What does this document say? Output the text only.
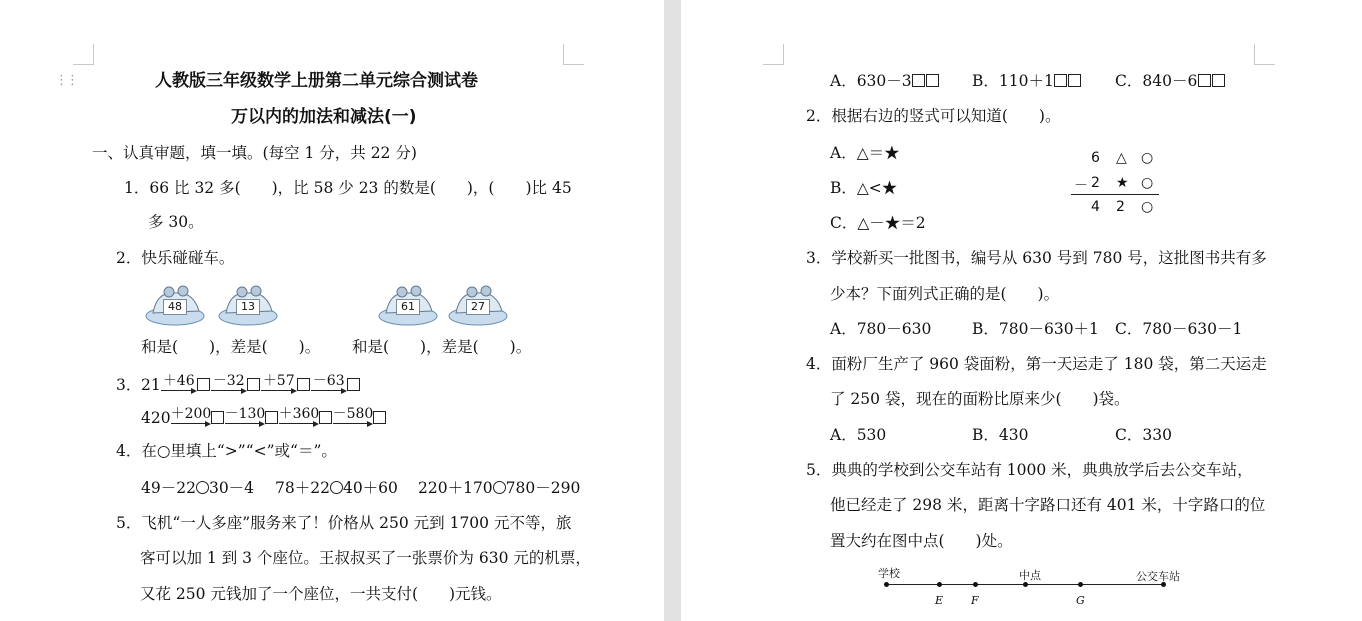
⋮⋮	人教版三年级数学上册第二单元综合测试卷
万以内的加法和减法(一)
一、认真审题，填一填。(每空 1 分，共 22 分)
1．66 比 32 多(　　)，比 58 少 23 的数是(　　)，(　　)比 45
多 30。
2．快乐碰碰车。
48	13	61	27
和是(　　)，差是(　　)。 和是(　　)，差是(　　)。
3． 21 ＋46 －32 ＋57 －63
420 ＋200 －130 ＋360 －580
4．在○里填上“>”“<”或“＝”。
49－22 30－4 78＋22 40＋60 220＋170 780－290
5．飞机“一人多座”服务来了！价格从 250 元到 1700 元不等，旅
客可以加 1 到 3 个座位。王叔叔买了一张票价为 630 元的机票，
又花 250 元钱加了一个座位，一共支付(　　)元钱。
A．630－3	B．110＋1	C．840－6
2．根据右边的竖式可以知道(　　)。
A．△＝★
B．△<★
C．△－★＝2
6 △ ○
－ 2 ★ ○
4 2 ○
3．学校新买一批图书，编号从 630 号到 780 号，这批图书共有多
少本？下面列式正确的是(　　)。
A．780－630	B．780－630＋1 C．780－630－1
4．面粉厂生产了 960 袋面粉，第一天运走了 180 袋，第二天运走
了 250 袋，现在的面粉比原来少(　　)袋。
A．530	B．430	C．330
5．典典的学校到公交车站有 1000 米，典典放学后去公交车站，
他已经走了 298 米，距离十字路口还有 401 米，十字路口的位
置大约在图中点(　　)处。
学校	中点	公交车站
E	F	G
